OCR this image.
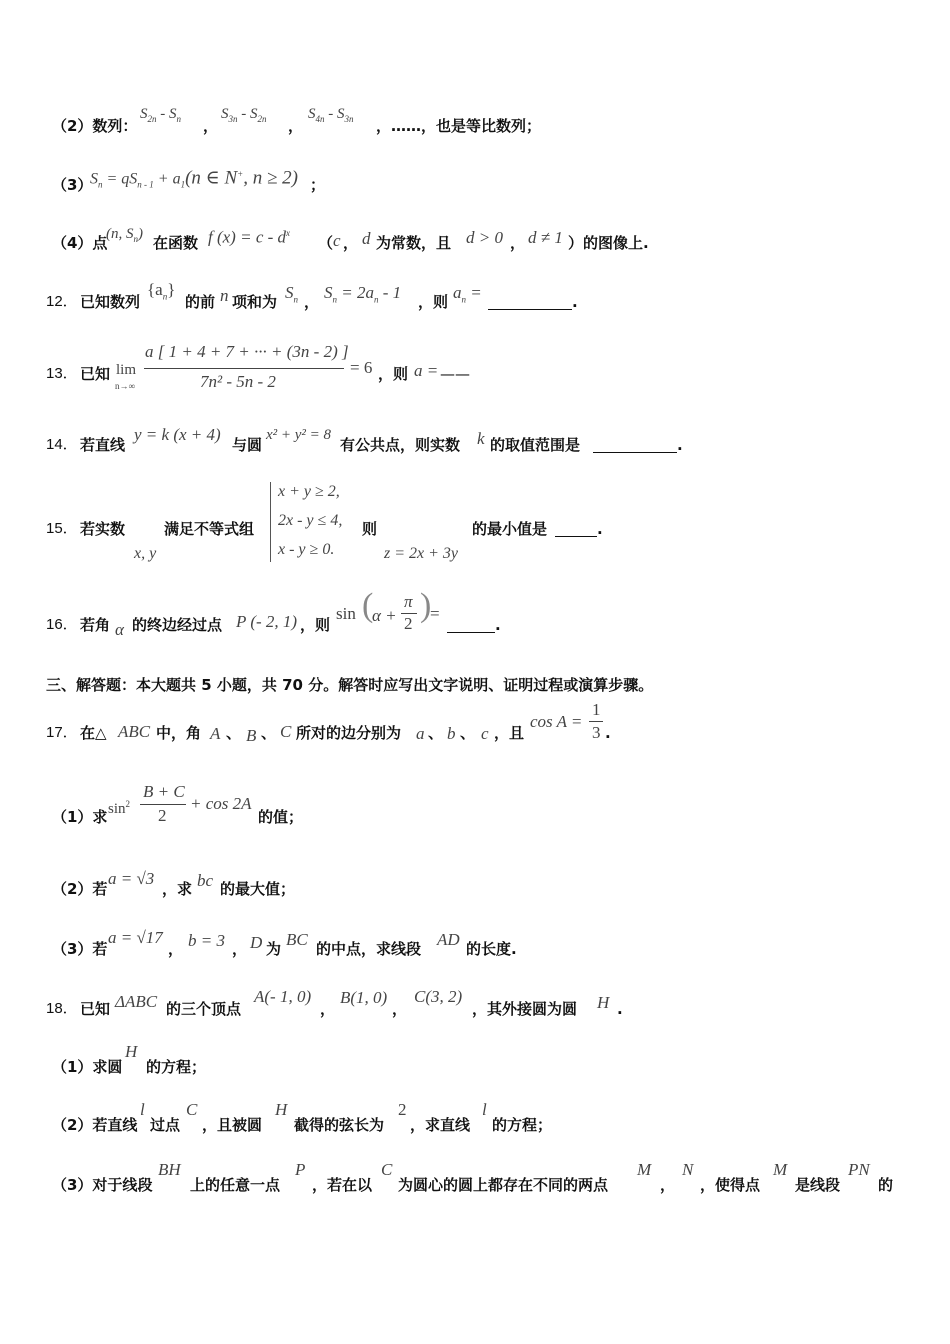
（2）数列：
$S_{2n} - S_n$ ，
$S_{3n} - S_{2n}$ ，
$S_{4n} - S_{3n}$ ，……，也是等比数列；
（3）
$S_n = qS_{n - 1} + a_1(n$ ∈ N+, n ≥ 2) ；
（4）点
(n, $S_n$) 在函数 f $(x) = c - d^x$
（ c ， d 为常数，且 d > 0 ， d ≠ 1 ）的图像上.
12． 已知数列
$\{a_n\}$
的前 n 项和为 $S_n$ ， $S_n = 2a_n - 1$ ，则 $a_n$ =	.
13． 已知 lim
n→∞
a [ 1 + 4 + 7 + ··· + (3n - 2) ]
7n² - 5n - 2
= 6 ，则 a = ——
14． 若直线
y = k (x + 4)
与圆
x² + y² = 8
有公共点，则实数 k 的取值范围是	.
15． 若实数
x, y
满足不等式组
x + y ≥ 2,
2x - y ≤ 4,
x - y ≥ 0.
则
z = 2x + 3y
的最小值是	.
16． 若角 α 的终边经过点 P (- 2, 1) ，则
sin (
α +
π
2 )
=
.
三、解答题：本大题共 5 小题，共 70 分。解答时应写出文字说明、证明过程或演算步骤。
17． 在△ ABC 中，角 A 、 B 、 C 所对的边分别为 a 、 b 、 c ，且
cos A =
1
3 .
（1）求 $\sin^2$
B + C
2
+ cos 2A
的值；
（2）若
a = √3
，求 bc 的最大值；
（3）若
a = √17
， b = 3 ， D 为 BC 的中点，求线段 AD 的长度.
18． 已知 ΔABC 的三个顶点
A(- 1, 0)
，
B(1, 0)
，
C(3, 2)
，其外接圆为圆 H .
（1）求圆
H
的方程；
（2）若直线
l
过点
C
，且被圆
H
截得的弦长为
2
，求直线
l
的方程；
（3）对于线段
BH
上的任意一点
P
，若在以
C
为圆心的圆上都存在不同的两点
M
，
N
，使得点
M
是线段
PN
的
